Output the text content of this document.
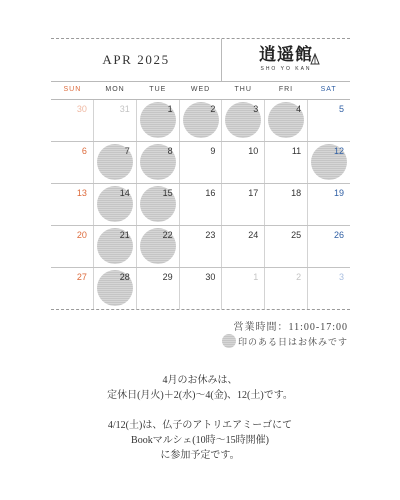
APR 2025	逍遥館
SHO YO KAN
SUN	MON	TUE	WED	THU	FRI	SAT
30	31	1	2	3	4	5
6	7	8	9	10	11	12
13	14	15	16	17	18	19
20	21	22	23	24	25	26
27	28	29	30	1	2	3
営業時間：11:00-17:00
印のある日はお休みです
4月のお休みは、
定休日(月火)＋2(水)〜4(金)、12(土)です。
4/12(土)は、仏子のアトリエアミーゴにて
Bookマルシェ(10時〜15時開催)
に参加予定です。
